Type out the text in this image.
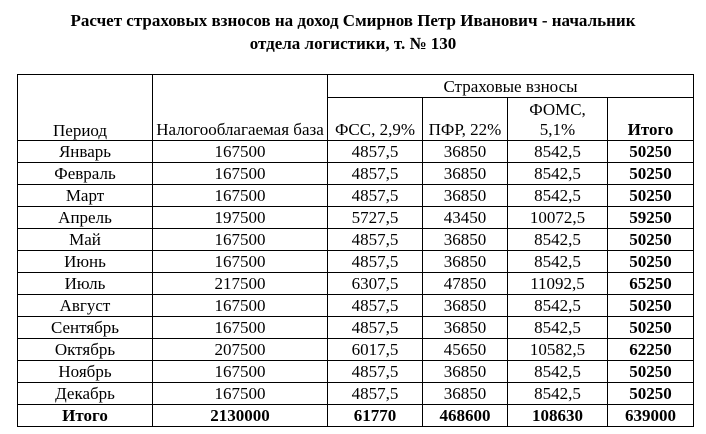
Расчет страховых взносов на доход Смирнов Петр Иванович - начальник
отдела логистики, т. № 130
Период	Налогооблагаемая база	Страховые взносы			
		ФСС, 2,9%	ПФР, 22%	ФОМС, 5,1%	Итого
Январь	167500	4857,5	36850	8542,5	50250
Февраль	167500	4857,5	36850	8542,5	50250
Март	167500	4857,5	36850	8542,5	50250
Апрель	197500	5727,5	43450	10072,5	59250
Май	167500	4857,5	36850	8542,5	50250
Июнь	167500	4857,5	36850	8542,5	50250
Июль	217500	6307,5	47850	11092,5	65250
Август	167500	4857,5	36850	8542,5	50250
Сентябрь	167500	4857,5	36850	8542,5	50250
Октябрь	207500	6017,5	45650	10582,5	62250
Ноябрь	167500	4857,5	36850	8542,5	50250
Декабрь	167500	4857,5	36850	8542,5	50250
Итого	2130000	61770	468600	108630	639000
